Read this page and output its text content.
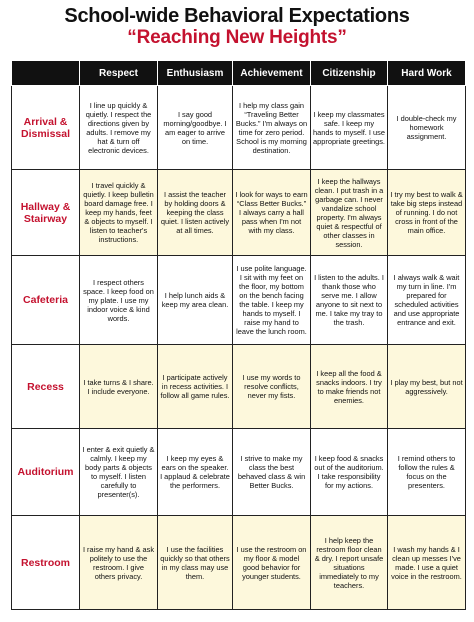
School-wide Behavioral Expectations
“Reaching New Heights”
	Respect	Enthusiasm	Achievement	Citizenship	Hard Work
Arrival & Dismissal	I line up quickly & quietly. I respect the directions given by adults. I remove my hat & turn off electronic devices.	I say good morning/goodbye. I am eager to arrive on time.	I help my class gain “Traveling Better Bucks.” I'm always on time for zero period. School is my morning destination.	I keep my classmates safe. I keep my hands to myself. I use appropriate greetings.	I double-check my homework assignment.
Hallway & Stairway	I travel quickly & quietly. I keep bulletin board damage free. I keep my hands, feet & objects to myself. I listen to teacher's instructions.	I assist the teacher by holding doors & keeping the class quiet. I listen actively at all times.	I look for ways to earn “Class Better Bucks.” I always carry a hall pass when I'm not with my class.	I keep the hallways clean. I put trash in a garbage can. I never vandalize school property. I'm always quiet & respectful of other classes in session.	I try my best to walk & take big steps instead of running. I do not cross in front of the main office.
Cafeteria	I respect others space. I keep food on my plate. I use my indoor voice & kind words.	I help lunch aids & keep my area clean.	I use polite language. I sit with my feet on the floor, my bottom on the bench facing the table. I keep my hands to myself. I raise my hand to leave the lunch room.	I listen to the adults. I thank those who serve me. I allow anyone to sit next to me. I take my tray to the trash.	I always walk & wait my turn in line. I'm prepared for scheduled activities and use appropriate entrance and exit.
Recess	I take turns & I share. I include everyone.	I participate actively in recess activities. I follow all game rules.	I use my words to resolve conflicts, never my fists.	I keep all the food & snacks indoors. I try to make friends not enemies.	I play my best, but not aggressively.
Auditorium	I enter & exit quietly & calmly. I keep my body parts & objects to myself. I listen carefully to presenter(s).	I keep my eyes & ears on the speaker. I applaud & celebrate the performers.	I strive to make my class the best behaved class & win Better Bucks.	I keep food & snacks out of the auditorium. I take responsibility for my actions.	I remind others to follow the rules & focus on the presenters.
Restroom	I raise my hand & ask politely to use the restroom. I give others privacy.	I use the facilities quickly so that others in my class may use them.	I use the restroom on my floor & model good behavior for younger students.	I help keep the restroom floor clean & dry. I report unsafe situations immediately to my teachers.	I wash my hands & I clean up messes I've made. I use a quiet voice in the restroom.
